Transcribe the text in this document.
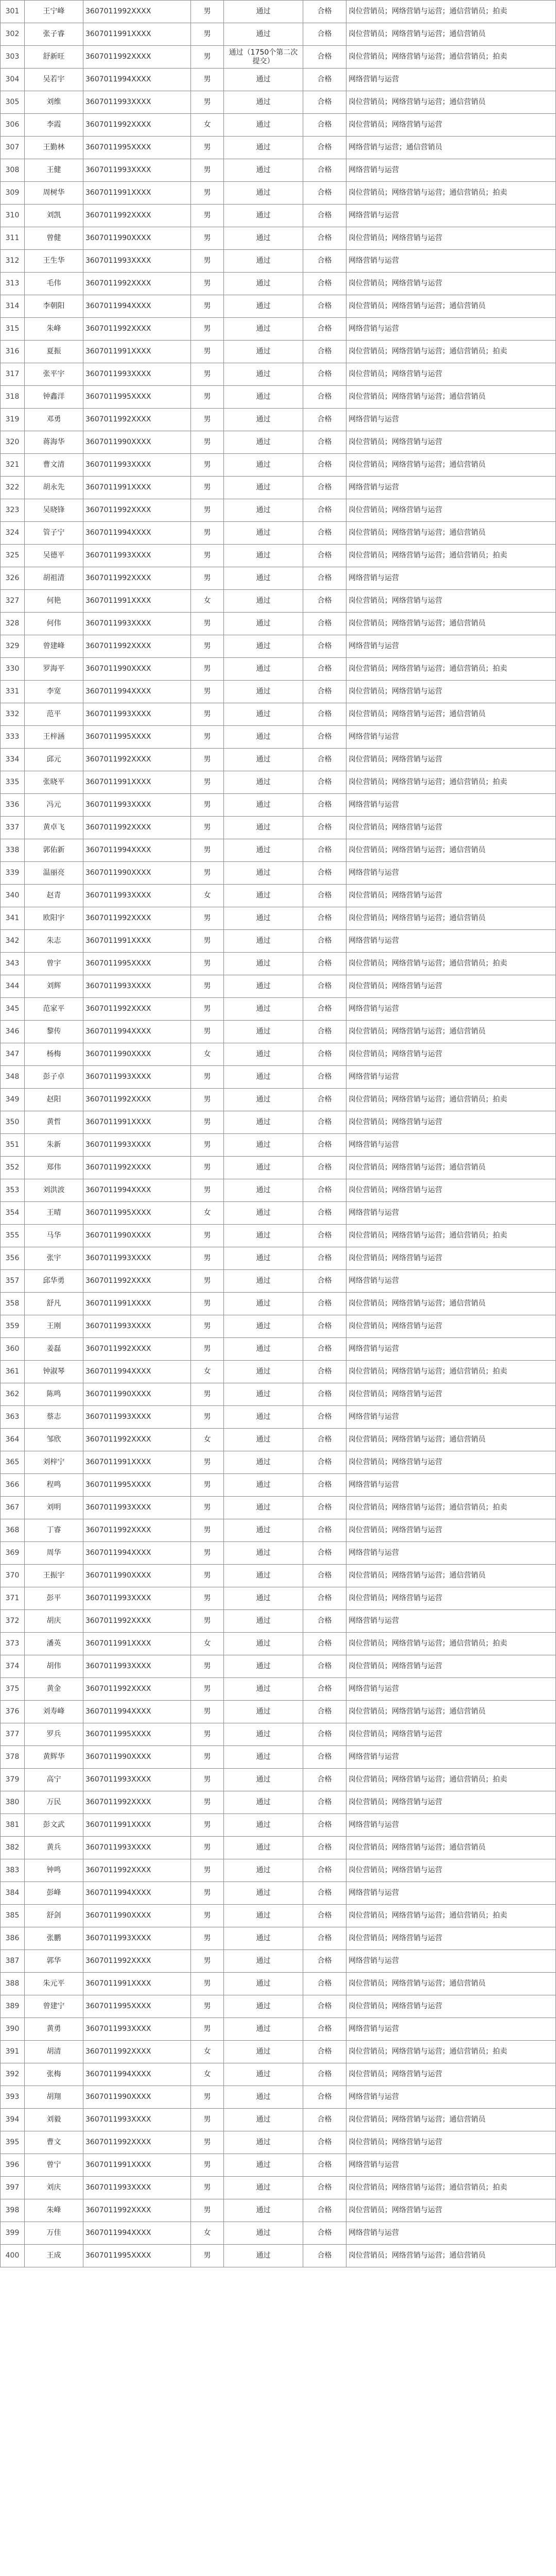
301	王宁峰	3607011992XXXX	男	通过	合格	岗位营销员；网络营销与运营；通信营销员；拍卖
302	张子睿	3607011991XXXX	男	通过	合格	岗位营销员；网络营销与运营；通信营销员
303	舒新旺	3607011992XXXX	男	通过（1750个第二次提交）	合格	岗位营销员；网络营销与运营；通信营销员；拍卖
304	吴若宇	3607011994XXXX	男	通过	合格	网络营销与运营
305	刘维	3607011993XXXX	男	通过	合格	岗位营销员；网络营销与运营；通信营销员
306	李霞	3607011992XXXX	女	通过	合格	岗位营销员；网络营销与运营
307	王勤林	3607011995XXXX	男	通过	合格	网络营销与运营；通信营销员
308	王健	3607011993XXXX	男	通过	合格	网络营销与运营
309	周树华	3607011991XXXX	男	通过	合格	岗位营销员；网络营销与运营；通信营销员；拍卖
310	刘凯	3607011992XXXX	男	通过	合格	网络营销与运营
311	曾健	3607011990XXXX	男	通过	合格	岗位营销员；网络营销与运营
312	王生华	3607011993XXXX	男	通过	合格	网络营销与运营
313	毛伟	3607011992XXXX	男	通过	合格	岗位营销员；网络营销与运营
314	李朝阳	3607011994XXXX	男	通过	合格	岗位营销员；网络营销与运营；通信营销员
315	朱峰	3607011992XXXX	男	通过	合格	网络营销与运营
316	夏振	3607011991XXXX	男	通过	合格	岗位营销员；网络营销与运营；通信营销员；拍卖
317	张平宇	3607011993XXXX	男	通过	合格	岗位营销员；网络营销与运营
318	钟鑫洋	3607011995XXXX	男	通过	合格	岗位营销员；网络营销与运营；通信营销员
319	邓勇	3607011992XXXX	男	通过	合格	网络营销与运营
320	蒋海华	3607011990XXXX	男	通过	合格	岗位营销员；网络营销与运营
321	曹文清	3607011993XXXX	男	通过	合格	岗位营销员；网络营销与运营；通信营销员
322	胡永先	3607011991XXXX	男	通过	合格	网络营销与运营
323	吴晓锋	3607011992XXXX	男	通过	合格	岗位营销员；网络营销与运营
324	管子宁	3607011994XXXX	男	通过	合格	岗位营销员；网络营销与运营；通信营销员
325	吴德平	3607011993XXXX	男	通过	合格	岗位营销员；网络营销与运营；通信营销员；拍卖
326	胡祖清	3607011992XXXX	男	通过	合格	网络营销与运营
327	何艳	3607011991XXXX	女	通过	合格	岗位营销员；网络营销与运营
328	何伟	3607011993XXXX	男	通过	合格	岗位营销员；网络营销与运营；通信营销员
329	曾建峰	3607011992XXXX	男	通过	合格	网络营销与运营
330	罗海平	3607011990XXXX	男	通过	合格	岗位营销员；网络营销与运营；通信营销员；拍卖
331	李宽	3607011994XXXX	男	通过	合格	岗位营销员；网络营销与运营
332	范平	3607011993XXXX	男	通过	合格	岗位营销员；网络营销与运营；通信营销员
333	王梓涵	3607011995XXXX	男	通过	合格	网络营销与运营
334	邱元	3607011992XXXX	男	通过	合格	岗位营销员；网络营销与运营
335	张晓平	3607011991XXXX	男	通过	合格	岗位营销员；网络营销与运营；通信营销员；拍卖
336	冯元	3607011993XXXX	男	通过	合格	网络营销与运营
337	黄卓飞	3607011992XXXX	男	通过	合格	岗位营销员；网络营销与运营
338	郭佑新	3607011994XXXX	男	通过	合格	岗位营销员；网络营销与运营；通信营销员
339	温丽亮	3607011990XXXX	男	通过	合格	网络营销与运营
340	赵青	3607011993XXXX	女	通过	合格	岗位营销员；网络营销与运营
341	欧阳宇	3607011992XXXX	男	通过	合格	岗位营销员；网络营销与运营；通信营销员
342	朱志	3607011991XXXX	男	通过	合格	网络营销与运营
343	曾宇	3607011995XXXX	男	通过	合格	岗位营销员；网络营销与运营；通信营销员；拍卖
344	刘辉	3607011993XXXX	男	通过	合格	岗位营销员；网络营销与运营
345	范家平	3607011992XXXX	男	通过	合格	网络营销与运营
346	黎传	3607011994XXXX	男	通过	合格	岗位营销员；网络营销与运营；通信营销员
347	杨梅	3607011990XXXX	女	通过	合格	岗位营销员；网络营销与运营
348	彭子卓	3607011993XXXX	男	通过	合格	网络营销与运营
349	赵阳	3607011992XXXX	男	通过	合格	岗位营销员；网络营销与运营；通信营销员；拍卖
350	黄哲	3607011991XXXX	男	通过	合格	岗位营销员；网络营销与运营
351	朱新	3607011993XXXX	男	通过	合格	网络营销与运营
352	郑伟	3607011992XXXX	男	通过	合格	岗位营销员；网络营销与运营；通信营销员
353	刘洪波	3607011994XXXX	男	通过	合格	岗位营销员；网络营销与运营
354	王晴	3607011995XXXX	女	通过	合格	网络营销与运营
355	马华	3607011990XXXX	男	通过	合格	岗位营销员；网络营销与运营；通信营销员；拍卖
356	张宇	3607011993XXXX	男	通过	合格	岗位营销员；网络营销与运营
357	邱华勇	3607011992XXXX	男	通过	合格	网络营销与运营
358	舒凡	3607011991XXXX	男	通过	合格	岗位营销员；网络营销与运营；通信营销员
359	王刚	3607011993XXXX	男	通过	合格	岗位营销员；网络营销与运营
360	姜磊	3607011992XXXX	男	通过	合格	网络营销与运营
361	钟淑琴	3607011994XXXX	女	通过	合格	岗位营销员；网络营销与运营；通信营销员；拍卖
362	陈鸣	3607011990XXXX	男	通过	合格	岗位营销员；网络营销与运营
363	蔡志	3607011993XXXX	男	通过	合格	网络营销与运营
364	邹欣	3607011992XXXX	女	通过	合格	岗位营销员；网络营销与运营；通信营销员
365	刘梓宁	3607011991XXXX	男	通过	合格	岗位营销员；网络营销与运营
366	程鸣	3607011995XXXX	男	通过	合格	网络营销与运营
367	刘明	3607011993XXXX	男	通过	合格	岗位营销员；网络营销与运营；通信营销员；拍卖
368	丁睿	3607011992XXXX	男	通过	合格	岗位营销员；网络营销与运营
369	周华	3607011994XXXX	男	通过	合格	网络营销与运营
370	王振宇	3607011990XXXX	男	通过	合格	岗位营销员；网络营销与运营；通信营销员
371	彭平	3607011993XXXX	男	通过	合格	岗位营销员；网络营销与运营
372	胡庆	3607011992XXXX	男	通过	合格	网络营销与运营
373	潘英	3607011991XXXX	女	通过	合格	岗位营销员；网络营销与运营；通信营销员；拍卖
374	胡伟	3607011993XXXX	男	通过	合格	岗位营销员；网络营销与运营
375	黄金	3607011992XXXX	男	通过	合格	网络营销与运营
376	刘寿峰	3607011994XXXX	男	通过	合格	岗位营销员；网络营销与运营；通信营销员
377	罗兵	3607011995XXXX	男	通过	合格	岗位营销员；网络营销与运营
378	黄辉华	3607011990XXXX	男	通过	合格	网络营销与运营
379	高宁	3607011993XXXX	男	通过	合格	岗位营销员；网络营销与运营；通信营销员；拍卖
380	万民	3607011992XXXX	男	通过	合格	岗位营销员；网络营销与运营
381	彭文武	3607011991XXXX	男	通过	合格	网络营销与运营
382	黄兵	3607011993XXXX	男	通过	合格	岗位营销员；网络营销与运营；通信营销员
383	钟鸣	3607011992XXXX	男	通过	合格	岗位营销员；网络营销与运营
384	彭峰	3607011994XXXX	男	通过	合格	网络营销与运营
385	舒剑	3607011990XXXX	男	通过	合格	岗位营销员；网络营销与运营；通信营销员；拍卖
386	张鹏	3607011993XXXX	男	通过	合格	岗位营销员；网络营销与运营
387	郭华	3607011992XXXX	男	通过	合格	网络营销与运营
388	朱元平	3607011991XXXX	男	通过	合格	岗位营销员；网络营销与运营；通信营销员
389	曾建宁	3607011995XXXX	男	通过	合格	岗位营销员；网络营销与运营
390	黄勇	3607011993XXXX	男	通过	合格	网络营销与运营
391	胡清	3607011992XXXX	女	通过	合格	岗位营销员；网络营销与运营；通信营销员；拍卖
392	张梅	3607011994XXXX	女	通过	合格	岗位营销员；网络营销与运营
393	胡翔	3607011990XXXX	男	通过	合格	网络营销与运营
394	刘毅	3607011993XXXX	男	通过	合格	岗位营销员；网络营销与运营；通信营销员
395	曹文	3607011992XXXX	男	通过	合格	岗位营销员；网络营销与运营
396	曾宁	3607011991XXXX	男	通过	合格	网络营销与运营
397	刘庆	3607011993XXXX	男	通过	合格	岗位营销员；网络营销与运营；通信营销员；拍卖
398	朱峰	3607011992XXXX	男	通过	合格	岗位营销员；网络营销与运营
399	万佳	3607011994XXXX	女	通过	合格	网络营销与运营
400	王成	3607011995XXXX	男	通过	合格	岗位营销员；网络营销与运营；通信营销员
